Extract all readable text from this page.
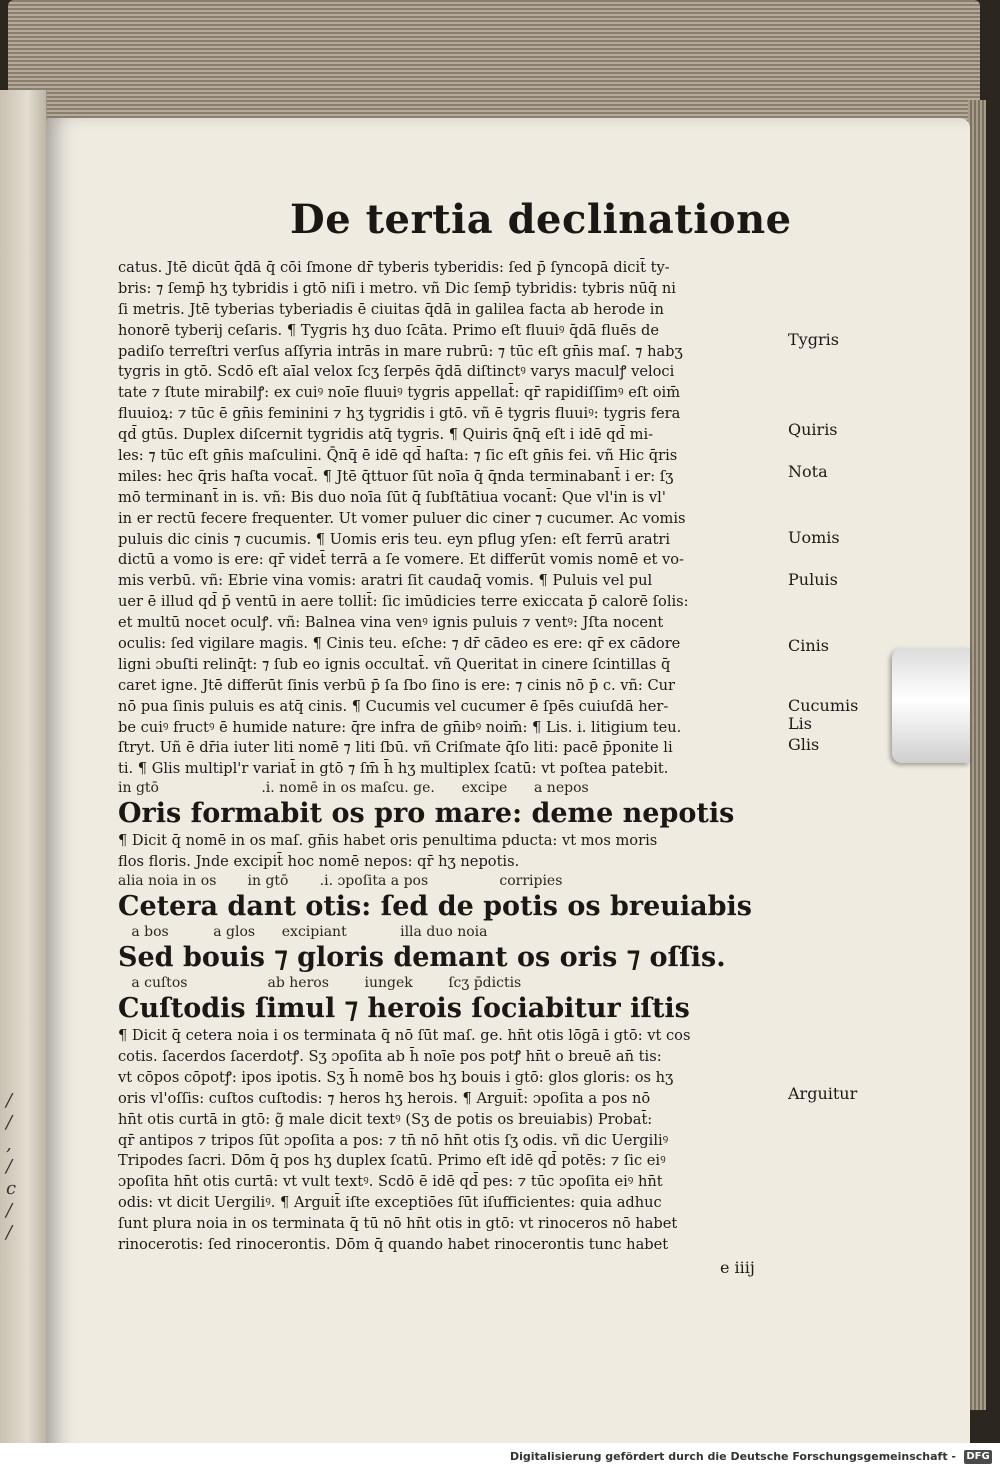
/
/
,
/
c
/
/
De tertia declinatione
catus. Jtē dicūt q̄dā q̄ cōi ſmone dr̄ tyberis tyberidis: ſed p̄ ſyncopā dicit̄ ty-
bris: ⁊ ſemp̄ hʒ tybridis i gtō niſi i metro. vñ Dic ſemp̄ tybridis: tybris nūq̄ ni
ſi metris. Jtē tyberias tyberiadis ē ciuitas q̄dā in galilea facta ab herode in
honorē tyberij ceſaris. ¶ Tygris hʒ duo ſcāta. Primo eſt fluuiꝰ q̄dā fluēs de
padiſo terreſtri verſus aſſyria intrās in mare rubrū: ⁊ tūc eſt gn̄is maſ. ⁊ habʒ
tygris in gtō. Scdō eſt aīal velox ſcʒ ſerpēs q̄dā diſtinctꝰ varys maculꝭ veloci
tate ⁊ ſtute mirabilꝭ: ex cuiꝰ noīe fluuiꝰ tygris appellat̄: qr̄ rapidiſſimꝰ eſt oim̄
fluuioꝝ: ⁊ tūc ē gn̄is feminini ⁊ hʒ tygridis i gtō. vñ ē tygris fluuiꝰ: tygris fera
qd̄ gtūs. Duplex diſcernit tygridis atq̄ tygris. ¶ Quiris q̄nq̄ eſt i idē qd̄ mi-
les: ⁊ tūc eſt gn̄is maſculini. Q̄nq̄ ē idē qd̄ haſta: ⁊ ſic eſt gn̄is fei. vñ Hic q̄ris
miles: hec q̄ris haſta vocat̄. ¶ Jtē q̄ttuor ſūt noīa q̄ q̄nda terminabant̄ i er: ſʒ
mō terminant̄ in is. vñ: Bis duo noīa ſūt q̄ ſubſtātiua vocant̄: Que vl'in is vl'
in er rectū fecere frequenter. Ut vomer puluer dic ciner ⁊ cucumer. Ac vomis
puluis dic cinis ⁊ cucumis. ¶ Uomis eris teu. eyn pflug yſen: eſt ferrū aratri
dictū a vomo is ere: qr̄ videt̄ terrā a ſe vomere. Et differūt vomis nomē et vo-
mis verbū. vñ: Ebrie vina vomis: aratri ſit caudaq̄ vomis. ¶ Puluis vel pul
uer ē illud qd̄ p̄ ventū in aere tollit̄: ſic imūdicies terre exiccata p̄ calorē ſolis:
et multū nocet oculꝭ. vñ: Balnea vina venꝰ ignis puluis ⁊ ventꝰ: Jſta nocent
oculis: ſed vigilare magis. ¶ Cinis teu. eſche: ⁊ dr̄ cādeo es ere: qr̄ ex cādore
ligni ɔbuſti relinq̄t: ⁊ ſub eo ignis occultat̄. vñ Queritat in cinere ſcintillas q̄
caret igne. Jtē differūt ſinis verbū p̄ ſa ſbo ſino is ere: ⁊ cinis nō p̄ c. vñ: Cur
nō pua ſinis puluis es atq̄ cinis. ¶ Cucumis vel cucumer ē ſpēs cuiuſdā her-
be cuiꝰ fructꝰ ē humide nature: q̄re infra de gn̄ibꝰ noim̄: ¶ Lis. i. litigium teu.
ſtryt. Uñ ē dr̄ia iuter liti nomē ⁊ liti ſbū. vñ Criſmate q̄ſo liti: pacē p̄ponite li
ti. ¶ Glis multipl'r variat̄ in gtō ⁊ ſm̄ h̄ hʒ multiplex ſcatū: vt poſtea patebit.
in gtō                       .i. nomē in os maſcu. ge.      excipe      a nepos
Oris formabit os pro mare: deme nepotis
¶ Dicit q̄ nomē in os maſ. gn̄is habet oris penultima pducta: vt mos moris
flos floris. Jnde excipit̄ hoc nomē nepos: qr̄ hʒ nepotis.
alia noia in os       in gtō       .i. ɔpoſita a pos                corripies
Cetera dant otis: ſed de potis os breuiabis
a bos          a glos      excipiant            illa duo noia
Sed bouis ⁊ gloris demant os oris ⁊ oſſis.
a cuſtos                  ab heros        iungek        ſcʒ p̄dictis
Cuſtodis ſimul ⁊ herois ſociabitur iſtis
¶ Dicit q̄ cetera noia i os terminata q̄ nō ſūt maſ. ge. hn̄t otis lōgā i gtō: vt cos
cotis. ſacerdos ſacerdotꝭ. Sʒ ɔpoſita ab h̄ noīe pos potꝭ hn̄t o breuē an̄ tis:
vt cōpos cōpotꝭ: ipos ipotis. Sʒ h̄ nomē bos hʒ bouis i gtō: glos gloris: os hʒ
oris vl'oſſis: cuſtos cuſtodis: ⁊ heros hʒ herois. ¶ Arguit̄: ɔpoſita a pos nō
hn̄t otis curtā in gtō: g̃ male dicit textꝰ (Sʒ de potis os breuiabis) Probat̄:
qr̄ antipos ⁊ tripos ſūt ɔpoſita a pos: ⁊ tn̄ nō hn̄t otis ſʒ odis. vñ dic Uergiliꝰ
Tripodes ſacri. Dōm q̄ pos hʒ duplex ſcatū. Primo eſt idē qd̄ potēs: ⁊ ſic eiꝰ
ɔpoſita hn̄t otis curtā: vt vult textꝰ. Scdō ē idē qd̄ pes: ⁊ tūc ɔpoſita eiꝰ hn̄t
odis: vt dicit Uergiliꝰ. ¶ Arguit̄ iſte exceptiōes ſūt iſufficientes: quia adhuc
ſunt plura noia in os terminata q̄ tū nō hn̄t otis in gtō: vt rinoceros nō habet
rinocerotis: ſed rinocerontis. Dōm q̄ quando habet rinocerontis tunc habet
Tygris
Quiris
Nota
Uomis
Puluis
Cinis
Cucumis
Lis
Glis
Arguitur
e iiij
Digitalisierung gefördert durch die Deutsche Forschungsgemeinschaft - DFG
